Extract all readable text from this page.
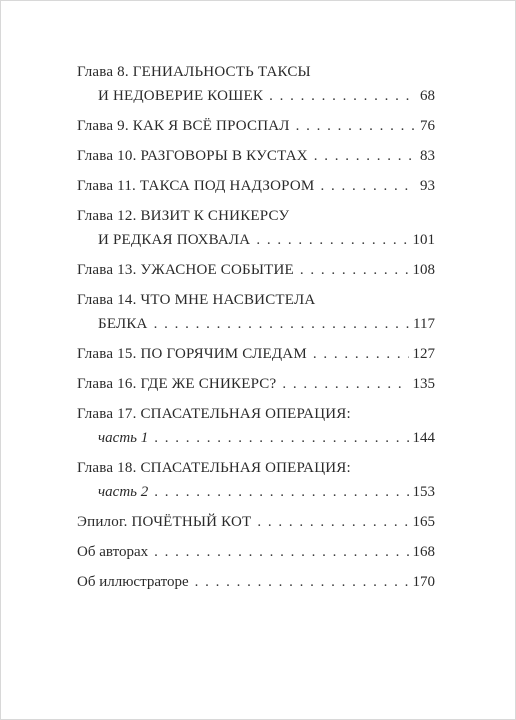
Глава 8. ГЕНИАЛЬНОСТЬ ТАКСЫ
И НЕДОВЕРИЕ КОШЕК . . .	68
Глава 9. КАК Я ВСЁ ПРОСПАЛ . . .	76
Глава 10. РАЗГОВОРЫ В КУСТАХ . . .	83
Глава 11. ТАКСА ПОД НАДЗОРОМ . . .	93
Глава 12. ВИЗИТ К СНИКЕРСУ
И РЕДКАЯ ПОХВАЛА . . .	101
Глава 13. УЖАСНОЕ СОБЫТИЕ . . .	108
Глава 14. ЧТО МНЕ НАСВИСТЕЛА
БЕЛКА . . .	117
Глава 15. ПО ГОРЯЧИМ СЛЕДАМ . . .	127
Глава 16. ГДЕ ЖЕ СНИКЕРС? . . .	135
Глава 17. СПАСАТЕЛЬНАЯ ОПЕРАЦИЯ:
часть 1 . . .	144
Глава 18. СПАСАТЕЛЬНАЯ ОПЕРАЦИЯ:
часть 2 . . .	153
Эпилог. ПОЧЁТНЫЙ КОТ . . .	165
Об авторах . . .	168
Об иллюстраторе . . .	170
